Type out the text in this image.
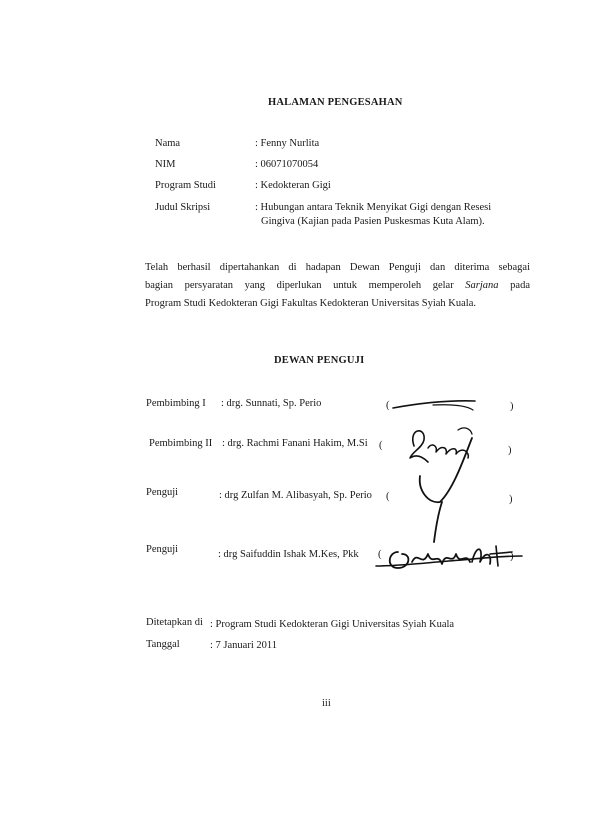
HALAMAN PENGESAHAN
Nama	: Fenny Nurlita
NIM	: 06071070054
Program Studi	: Kedokteran Gigi
Judul Skripsi	: Hubungan antara Teknik Menyikat Gigi dengan Resesi
Gingiva (Kajian pada Pasien Puskesmas Kuta Alam).
Telah berhasil dipertahankan di hadapan Dewan Penguji dan diterima sebagai
bagian persyaratan yang diperlukan untuk memperoleh gelar Sarjana pada
Program Studi Kedokteran Gigi Fakultas Kedokteran Universitas Syiah Kuala.
DEWAN PENGUJI
Pembimbing I : drg. Sunnati, Sp. Perio	(	)
Pembimbing II : drg. Rachmi Fanani Hakim, M.Si (	)
Penguji	: drg Zulfan M. Alibasyah, Sp. Perio (	)
Penguji	: drg Saifuddin Ishak M.Kes, Pkk (	)
Ditetapkan di : Program Studi Kedokteran Gigi Universitas Syiah Kuala
Tanggal	: 7 Januari 2011
iii
